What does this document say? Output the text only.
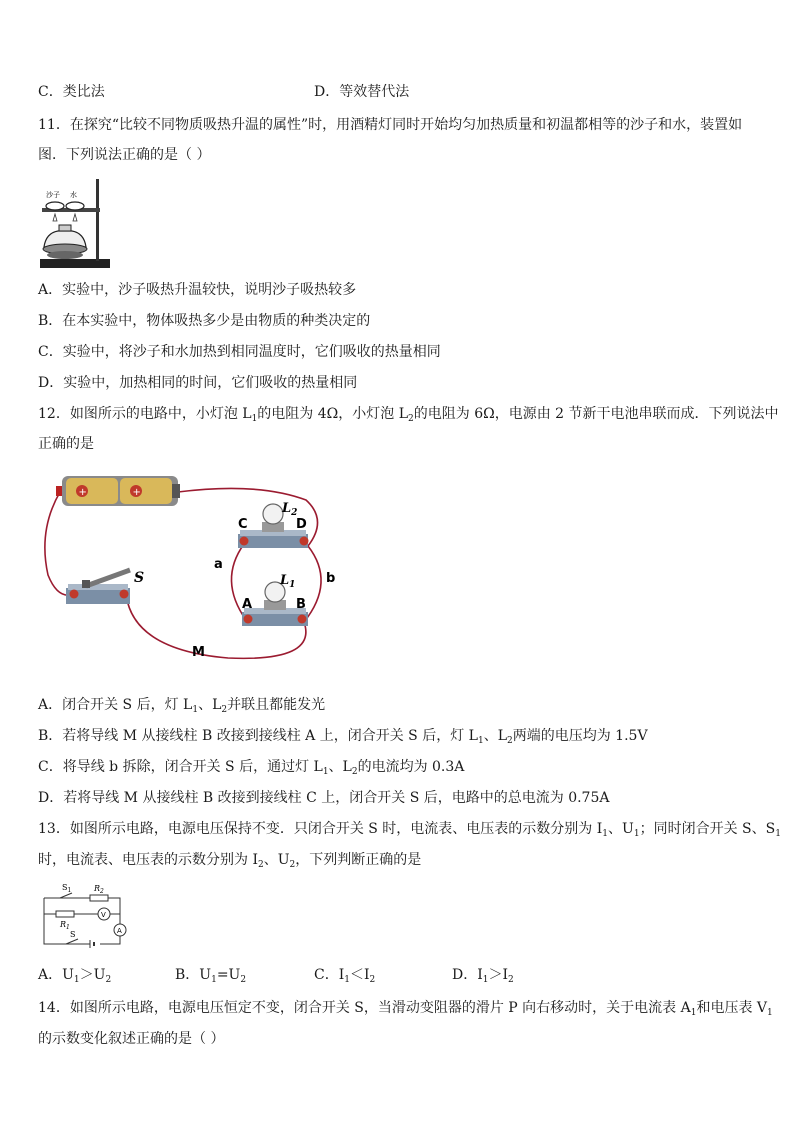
C．类比法	D．等效替代法
11．在探究“比较不同物质吸热升温的属性”时，用酒精灯同时开始均匀加热质量和初温都相等的沙子和水，装置如
图．下列说法正确的是（ ）
沙子 水
A．实验中，沙子吸热升温较快，说明沙子吸热较多
B．在本实验中，物体吸热多少是由物质的种类决定的
C．实验中，将沙子和水加热到相同温度时，它们吸收的热量相同
D．实验中，加热相同的时间，它们吸收的热量相同
12．如图所示的电路中，小灯泡 $L_1$的电阻为 4Ω，小灯泡 $L_2$的电阻为 6Ω，电源由 2 节新干电池串联而成．下列说法中
正确的是
+	+
S
C	D
$L_2$
A	B
$L_1$
a
b
M
A．闭合开关 S 后，灯 $L_1$、$L_2$并联且都能发光
B．若将导线 M 从接线柱 B 改接到接线柱 A 上，闭合开关 S 后，灯 $L_1$、$L_2$两端的电压均为 1.5V
C．将导线 b 拆除，闭合开关 S 后，通过灯 $L_1$、$L_2$的电流均为 0.3A
D．若将导线 M 从接线柱 B 改接到接线柱 C 上，闭合开关 S 后，电路中的总电流为 0.75A
13．如图所示电路，电源电压保持不变．只闭合开关 S 时，电流表、电压表的示数分别为 $I_1$、$U_1$；同时闭合开关 S、$S_1$
时，电流表、电压表的示数分别为 $I_2$、$U_2$，下列判断正确的是
$S_1$	$R_2$
$R_1$
V
A
S
A．$U_1>U_2$	B．$U_1=U_2$	C．$I_1<I_2$	D．$I_1>I_2$
14．如图所示电路，电源电压恒定不变，闭合开关 S，当滑动变阻器的滑片 P 向右移动时，关于电流表 $A_1$和电压表 $V_1$
的示数变化叙述正确的是（ ）
